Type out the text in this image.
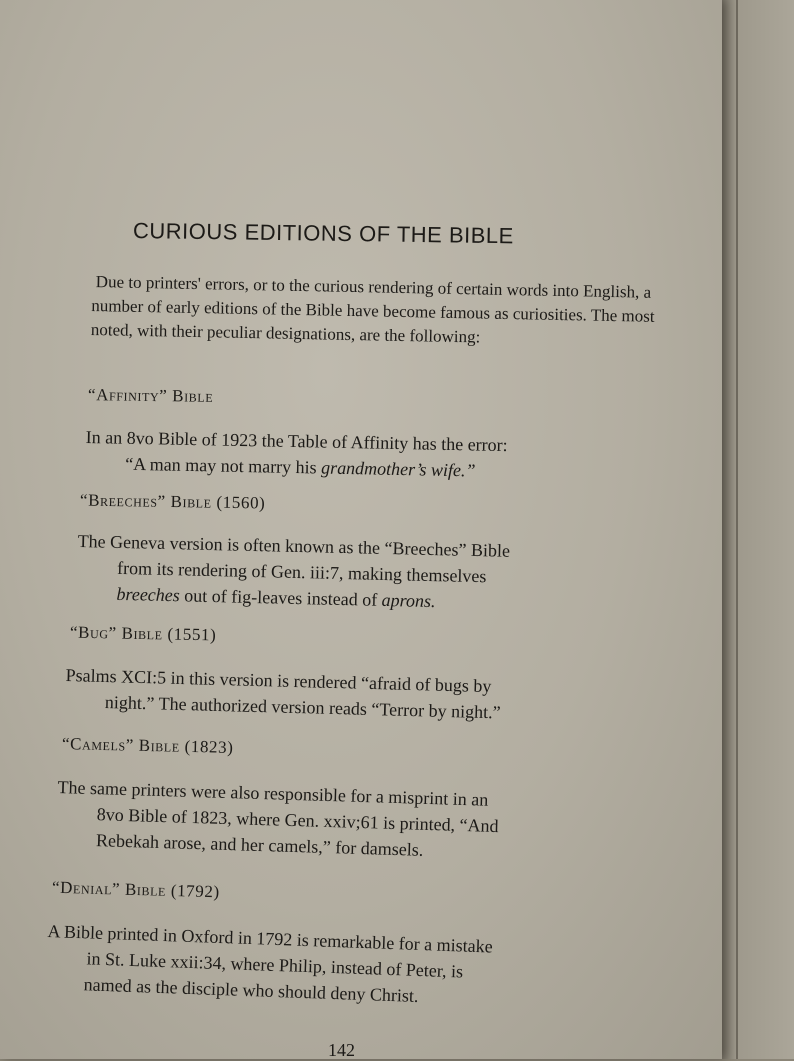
CURIOUS EDITIONS OF THE BIBLE

Due to printers' errors, or to the curious rendering of certain words into English, a number of early editions of the Bible have become famous as curiosities. The most noted, with their peculiar designations, are the following:

“Affinity” Bible
In an 8vo Bible of 1923 the Table of Affinity has the error:
“A man may not marry his grandmother’s wife.”
“Breeches” Bible (1560)
The Geneva version is often known as the “Breeches” Bible
from its rendering of Gen. iii:7, making themselves
breeches out of fig-leaves instead of aprons.
“Bug” Bible (1551)
Psalms XCI:5 in this version is rendered “afraid of bugs by
night.” The authorized version reads “Terror by night.”
“Camels” Bible (1823)
The same printers were also responsible for a misprint in an
8vo Bible of 1823, where Gen. xxiv;61 is printed, “And
Rebekah arose, and her camels,” for damsels.
“Denial” Bible (1792)
A Bible printed in Oxford in 1792 is remarkable for a mistake
in St. Luke xxii:34, where Philip, instead of Peter, is
named as the disciple who should deny Christ.
142
